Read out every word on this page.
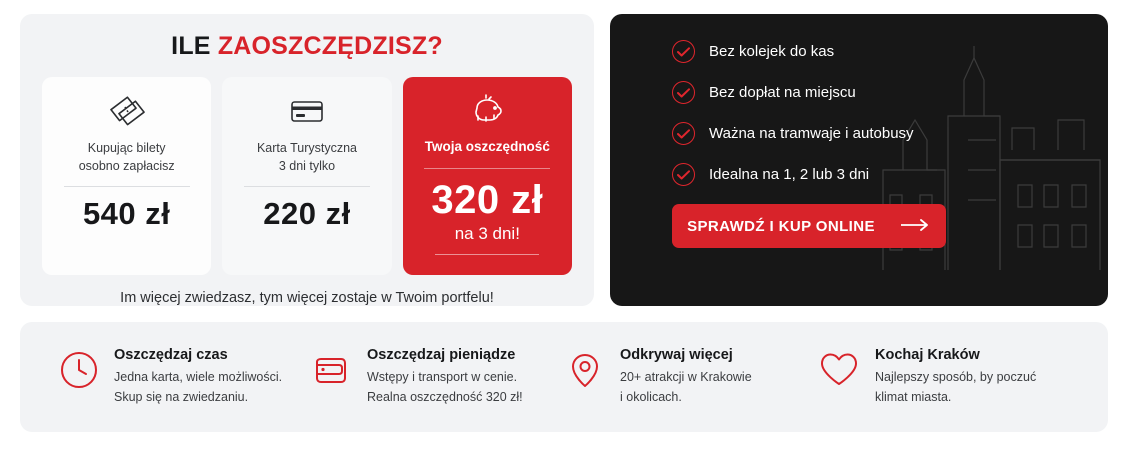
ILE ZAOSZCZĘDZISZ?
Kupując bilety
osobno zapłacisz
540 zł
Karta Turystyczna
3 dni tylko
220 zł
Twoja oszczędność
320 zł
na 3 dni!
Im więcej zwiedzasz, tym więcej zostaje w Twoim portfelu!
Bez kolejek do kas
Bez dopłat na miejscu
Ważna na tramwaje i autobusy
Idealna na 1, 2 lub 3 dni
SPRAWDŹ I KUP ONLINE
Oszczędzaj czas
Jedna karta, wiele możliwości.
Skup się na zwiedzaniu.
Oszczędzaj pieniądze
Wstępy i transport w cenie.
Realna oszczędność 320 zł!
Odkrywaj więcej
20+ atrakcji w Krakowie
i okolicach.
Kochaj Kraków
Najlepszy sposób, by poczuć
klimat miasta.
